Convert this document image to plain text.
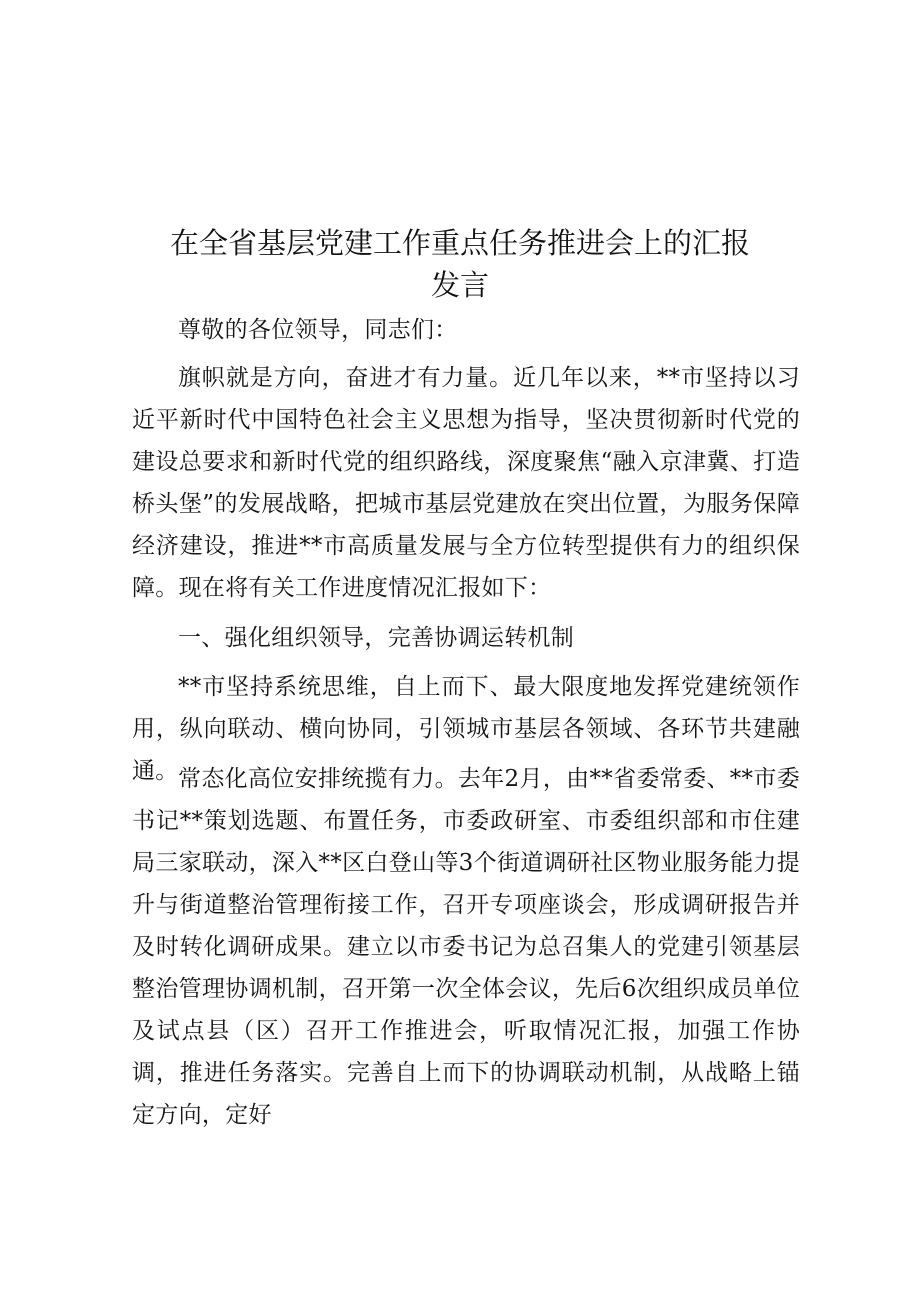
在全省基层党建工作重点任务推进会上的汇报
发言

尊敬的各位领导，同志们：

旗帜就是方向，奋进才有力量。近几年以来，**市坚持以习近平新时代中国特色社会主义思想为指导，坚决贯彻新时代党的建设总要求和新时代党的组织路线，深度聚焦“融入京津冀、打造桥头堡”的发展战略，把城市基层党建放在突出位置，为服务保障经济建设，推进**市高质量发展与全方位转型提供有力的组织保障。现在将有关工作进度情况汇报如下：

一、强化组织领导，完善协调运转机制

**市坚持系统思维，自上而下、最大限度地发挥党建统领作用，纵向联动、横向协同，引领城市基层各领域、各环节共建融通。 常态化高位安排统揽有力。去年2月，由**省委常委、**市委书记**策划选题、布置任务，市委政研室、市委组织部和市住建局三家联动，深入**区白登山等3个街道调研社区物业服务能力提升与街道整治管理衔接工作，召开专项座谈会，形成调研报告并及时转化调研成果。建立以市委书记为总召集人的党建引领基层整治管理协调机制，召开第一次全体会议，先后6次组织成员单位及试点县（区）召开工作推进会，听取情况汇报，加强工作协调，推进任务落实。完善自上而下的协调联动机制，从战略上锚定方向，定好
